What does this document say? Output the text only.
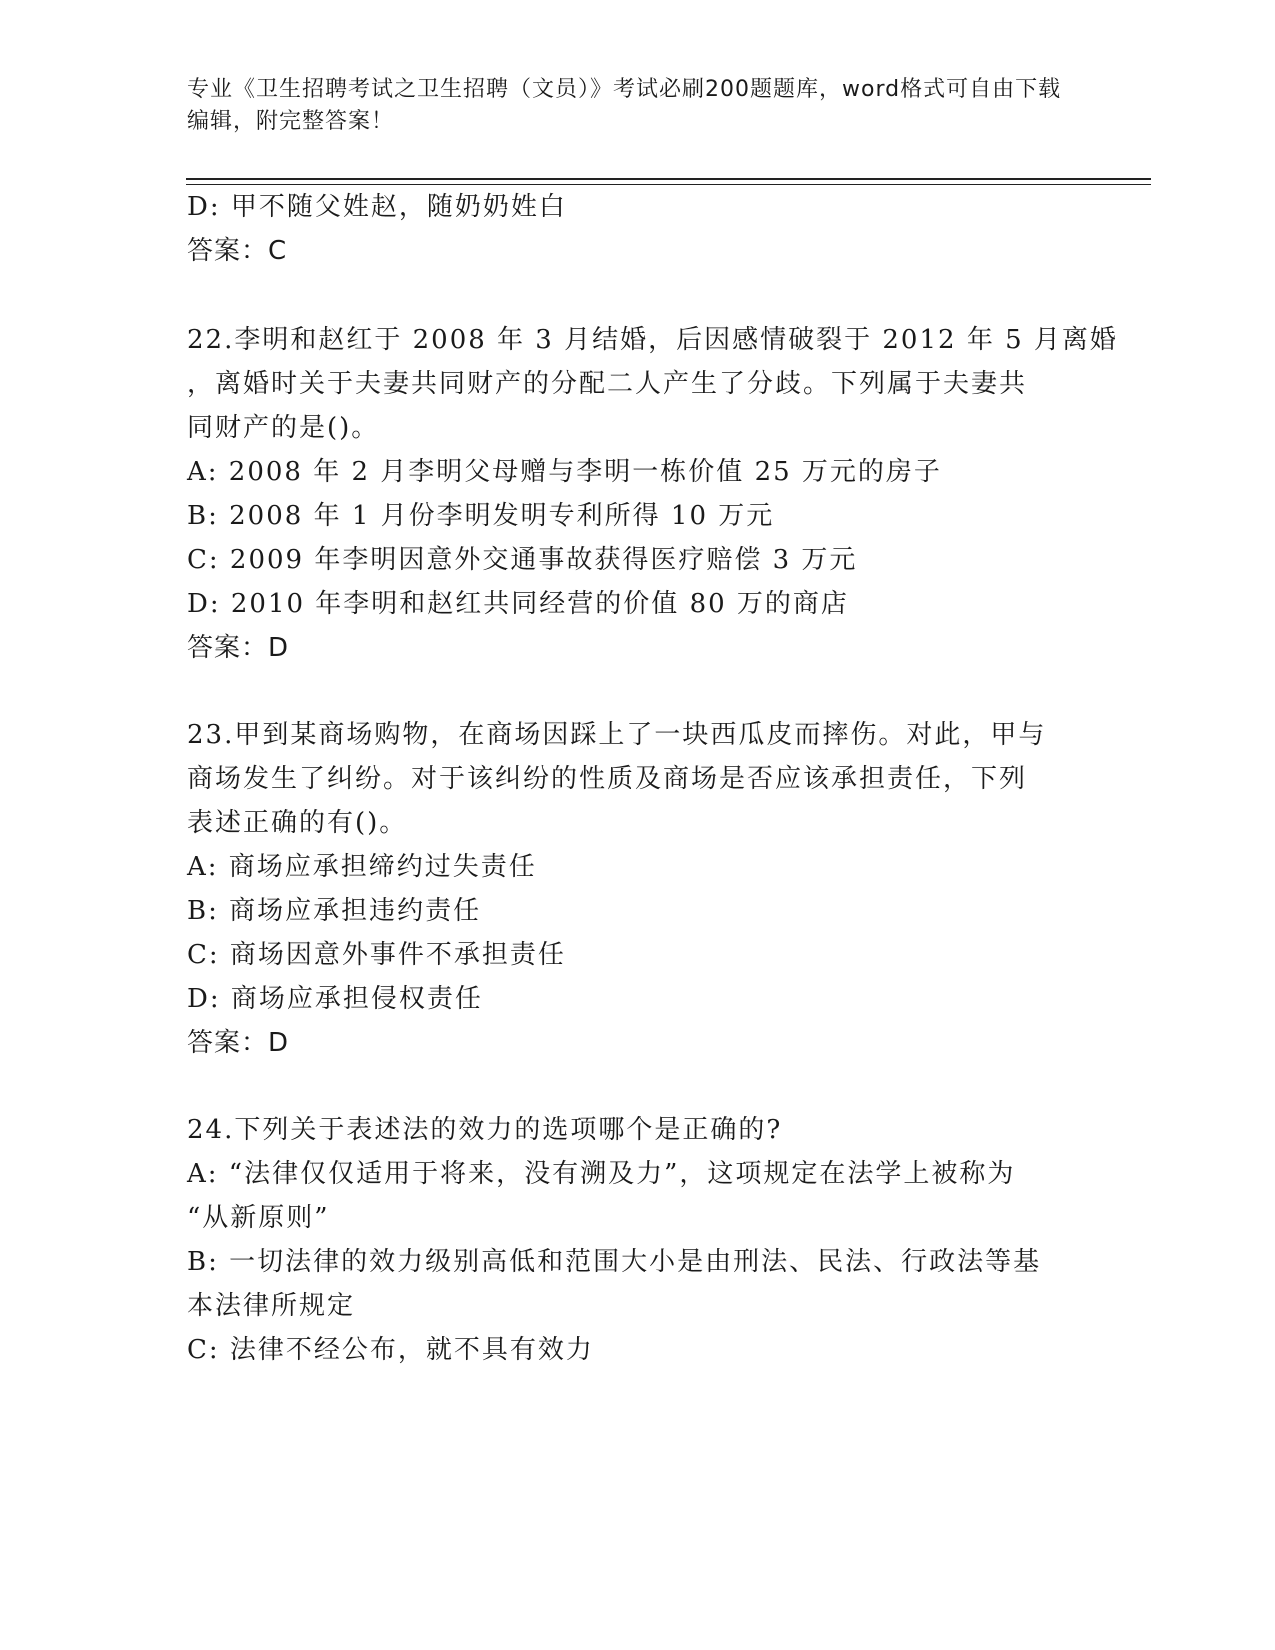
专业《卫生招聘考试之卫生招聘（文员）》考试必刷200题题库，word格式可自由下载编辑，附完整答案！
D: 甲不随父姓赵，随奶奶姓白
答案：C
22.李明和赵红于 2008 年 3 月结婚，后因感情破裂于 2012 年 5 月离婚
，离婚时关于夫妻共同财产的分配二人产生了分歧。下列属于夫妻共
同财产的是()。
A: 2008 年 2 月李明父母赠与李明一栋价值 25 万元的房子
B: 2008 年 1 月份李明发明专利所得 10 万元
C: 2009 年李明因意外交通事故获得医疗赔偿 3 万元
D: 2010 年李明和赵红共同经营的价值 80 万的商店
答案：D
23.甲到某商场购物，在商场因踩上了一块西瓜皮而摔伤。对此，甲与
商场发生了纠纷。对于该纠纷的性质及商场是否应该承担责任，下列
表述正确的有()。
A: 商场应承担缔约过失责任
B: 商场应承担违约责任
C: 商场因意外事件不承担责任
D: 商场应承担侵权责任
答案：D
24.下列关于表述法的效力的选项哪个是正确的?
A: “法律仅仅适用于将来，没有溯及力”，这项规定在法学上被称为
“从新原则”
B: 一切法律的效力级别高低和范围大小是由刑法、民法、行政法等基
本法律所规定
C: 法律不经公布，就不具有效力
